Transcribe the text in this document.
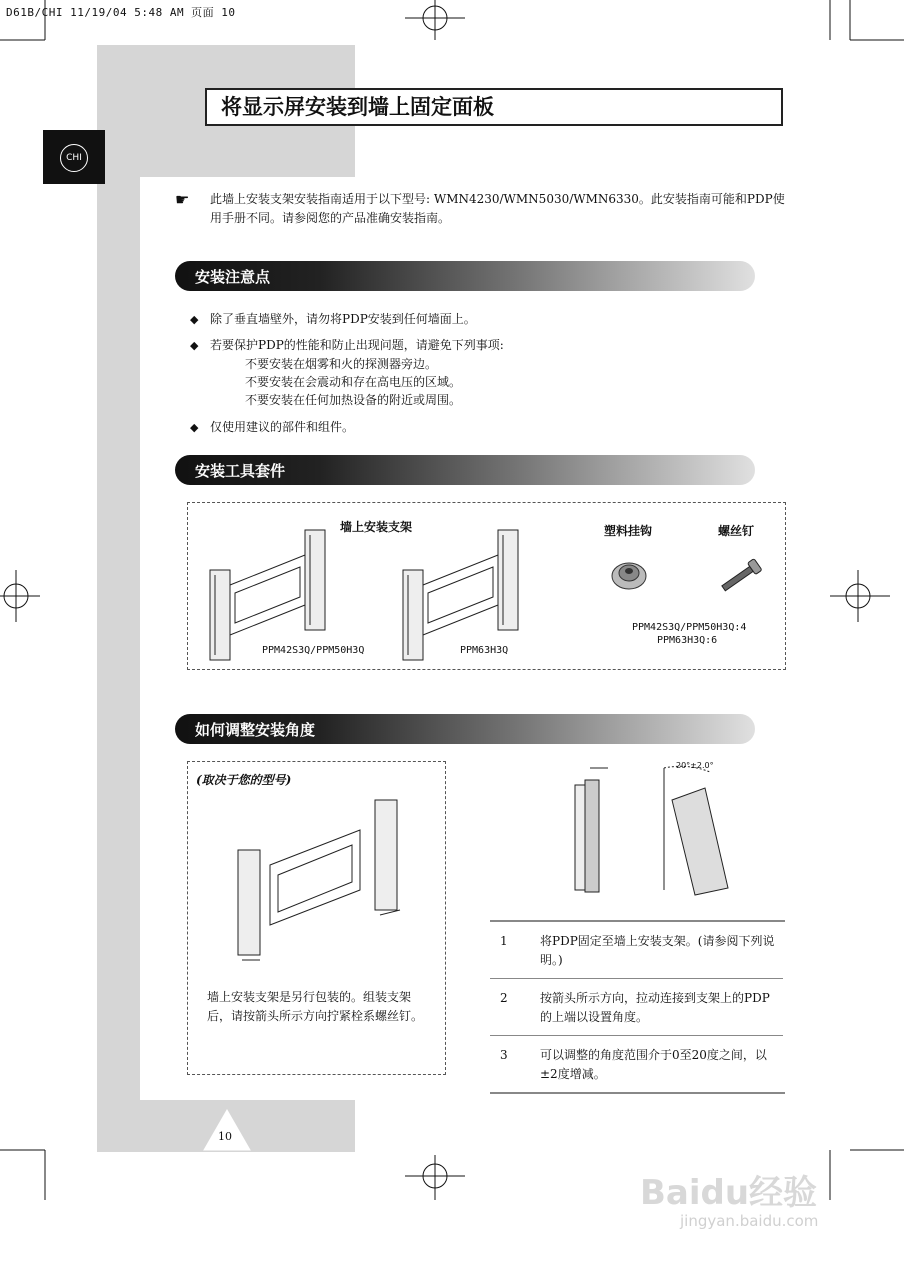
D61B/CHI 11/19/04 5:48 AM 页面 10
CHI
将显示屏安装到墙上固定面板
☛ 此墙上安装支架安装指南适用于以下型号: WMN4230/WMN5030/WMN6330。此安装指南可能和PDP使用手册不同。请参阅您的产品准确安装指南。
安装注意点
◆ 除了垂直墙壁外，请勿将PDP安装到任何墙面上。
◆ 若要保护PDP的性能和防止出现问题，请避免下列事项:
不要安装在烟雾和火的探测器旁边。
不要安装在会震动和存在高电压的区域。
不要安装在任何加热设备的附近或周围。
◆ 仅使用建议的部件和组件。
安装工具套件
墙上安装支架	塑料挂钩	螺丝钉
PPM42S3Q/PPM50H3Q	PPM63H3Q
PPM42S3Q/PPM50H3Q:4
PPM63H3Q:6
如何调整安装角度
(取决于您的型号)
墙上安装支架是另行包装的。组装支架后，请按箭头所示方向拧紧栓系螺丝钉。
20°±2.0°
1	将PDP固定至墙上安装支架。(请参阅下列说明。)
2	按箭头所示方向，拉动连接到支架上的PDP的上端以设置角度。
3	可以调整的角度范围介于0至20度之间，以±2度增减。
10
Baidu经验
jingyan.baidu.com
